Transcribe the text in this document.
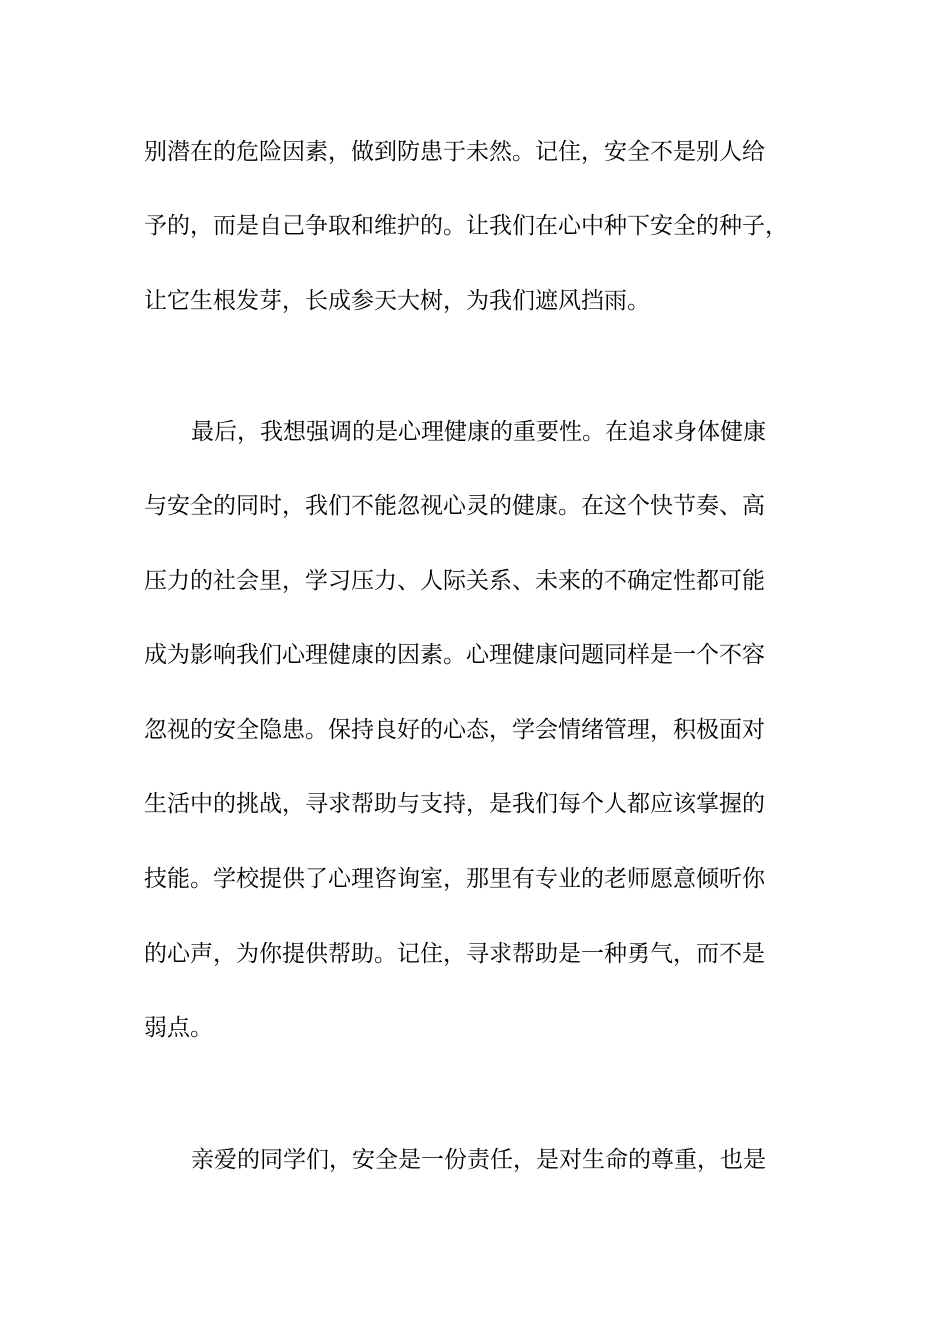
别潜在的危险因素，做到防患于未然。记住，安全不是别人给

予的，而是自己争取和维护的。让我们在心中种下安全的种子，

让它生根发芽，长成参天大树，为我们遮风挡雨。

最后，我想强调的是心理健康的重要性。在追求身体健康

与安全的同时，我们不能忽视心灵的健康。在这个快节奏、高

压力的社会里，学习压力、人际关系、未来的不确定性都可能

成为影响我们心理健康的因素。心理健康问题同样是一个不容

忽视的安全隐患。保持良好的心态，学会情绪管理，积极面对

生活中的挑战，寻求帮助与支持，是我们每个人都应该掌握的

技能。学校提供了心理咨询室，那里有专业的老师愿意倾听你

的心声，为你提供帮助。记住，寻求帮助是一种勇气，而不是

弱点。

亲爱的同学们，安全是一份责任，是对生命的尊重，也是
